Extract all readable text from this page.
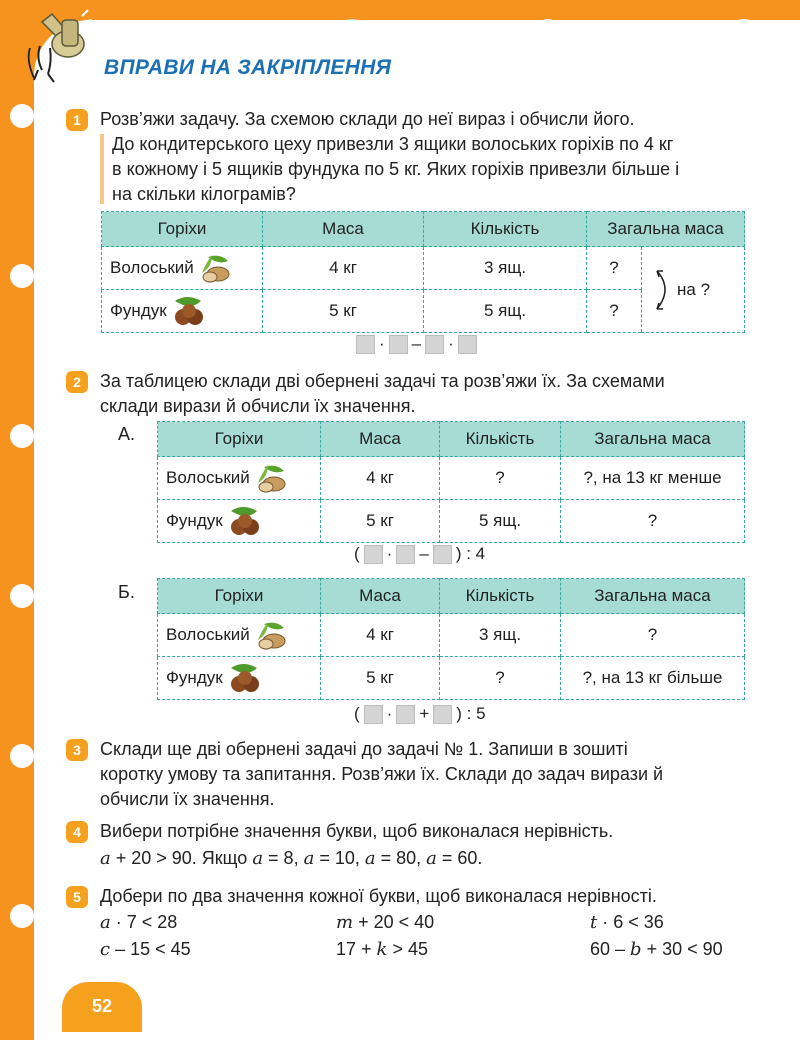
ВПРАВИ НА ЗАКРІПЛЕННЯ
1	Розв’яжи задачу. За схемою склади до неї вираз і обчисли його.
До кондитерського цеху привезли 3 ящики волоських горіхів по 4 кг
в кожному і 5 ящиків фундука по 5 кг. Яких горіхів привезли більше і
на скільки кілограмів?
Горіхи	Маса	Кількість	Загальна маса	

Волоський	4 кг	3 ящ.	?	на ?

Фундук	5 кг	5 ящ.	?	
· – ·
2	За таблицею склади дві обернені задачі та розв’яжи їх. За схемами
склади вирази й обчисли їх значення.
А.	Горіхи	Маса	Кількість	Загальна маса

Волоський	4 кг	?	?, на 13 кг менше

Фундук	5 кг	5 ящ.	?
( · – ) : 4
Б.	Горіхи	Маса	Кількість	Загальна маса

Волоський	4 кг	3 ящ.	?

Фундук	5 кг	?	?, на 13 кг більше
( · + ) : 5
3	Склади ще дві обернені задачі до задачі № 1. Запиши в зошиті
коротку умову та запитання. Розв’яжи їх. Склади до задач вирази й
обчисли їх значення.
4	Вибери потрібне значення букви, щоб виконалася нерівність.
a + 20 > 90. Якщо a = 8, a = 10, a = 80, a = 60.
5	Добери по два значення кожної букви, щоб виконалася нерівності.
a · 7 < 28	m + 20 < 40	t · 6 < 36
c – 15 < 45	17 + k > 45	60 – b + 30 < 90
52
